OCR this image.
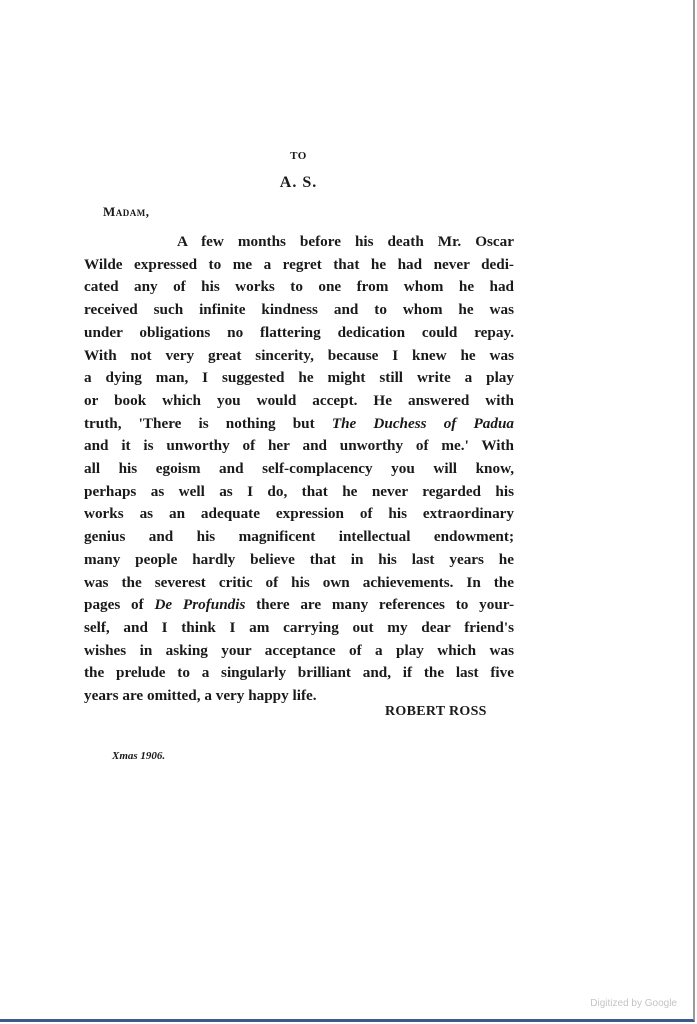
TO
A. S.
Madam,

A few months before his death Mr. Oscar
Wilde expressed to me a regret that he had never dedi-
cated any of his works to one from whom he had
received such infinite kindness and to whom he was
under obligations no flattering dedication could repay.
With not very great sincerity, because I knew he was
a dying man, I suggested he might still write a play
or book which you would accept. He answered with
truth, 'There is nothing but The Duchess of Padua
and it is unworthy of her and unworthy of me.' With
all his egoism and self-complacency you will know,
perhaps as well as I do, that he never regarded his
works as an adequate expression of his extraordinary
genius and his magnificent intellectual endowment;
many people hardly believe that in his last years he
was the severest critic of his own achievements. In the
pages of De Profundis there are many references to your-
self, and I think I am carrying out my dear friend's
wishes in asking your acceptance of a play which was
the prelude to a singularly brilliant and, if the last five
years are omitted, a very happy life.

ROBERT ROSS
Xmas 1906.
Digitized by Google
